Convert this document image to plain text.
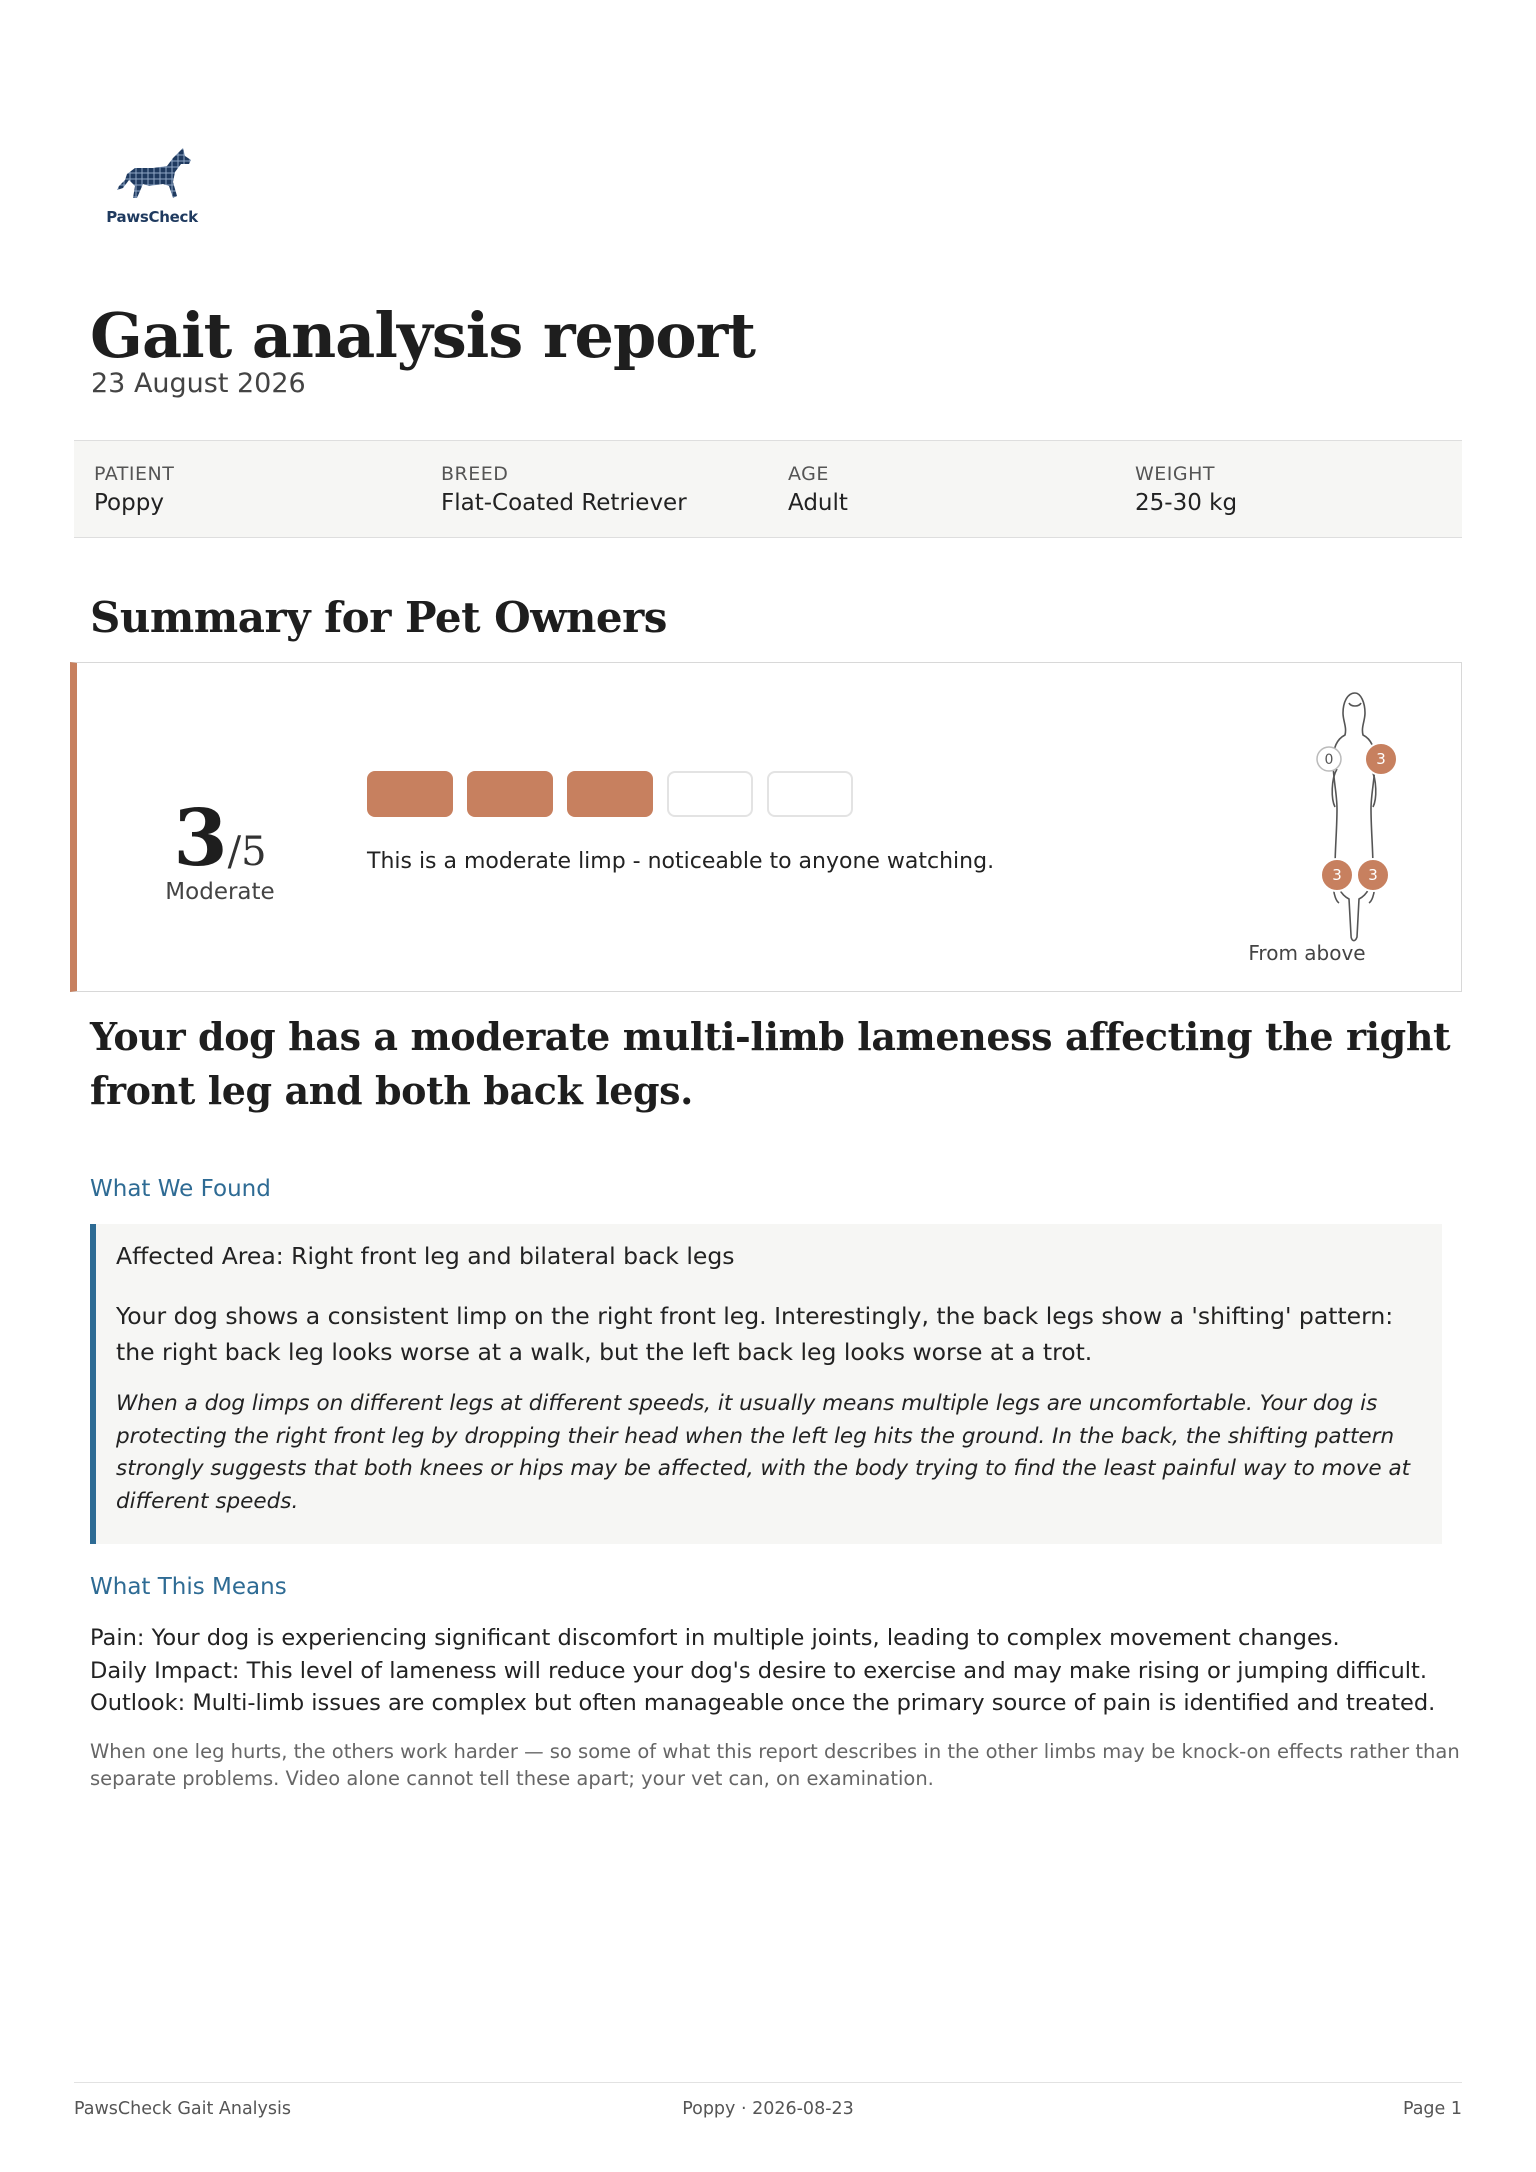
PawsCheck
Gait analysis report

23 August 2026

PATIENT
Poppy
BREED
Flat-Coated Retriever
AGE
Adult
WEIGHT
25-30 kg
Summary for Pet Owners
3/5
Moderate

This is a moderate limp - noticeable to anyone watching.

0	3
3 3
From above
Your dog has a moderate multi-limb lameness affecting the right front leg and both back legs.
What We Found

Affected Area: Right front leg and bilateral back legs

Your dog shows a consistent limp on the right front leg. Interestingly, the back legs show a 'shifting' pattern: the right back leg looks worse at a walk, but the left back leg looks worse at a trot.

When a dog limps on different legs at different speeds, it usually means multiple legs are uncomfortable. Your dog is protecting the right front leg by dropping their head when the left leg hits the ground. In the back, the shifting pattern strongly suggests that both knees or hips may be affected, with the body trying to find the least painful way to move at different speeds.

What This Means
Pain: Your dog is experiencing significant discomfort in multiple joints, leading to complex movement changes.
Daily Impact: This level of lameness will reduce your dog's desire to exercise and may make rising or jumping difficult.
Outlook: Multi-limb issues are complex but often manageable once the primary source of pain is identified and treated.

When one leg hurts, the others work harder — so some of what this report describes in the other limbs may be knock-on effects rather than separate problems. Video alone cannot tell these apart; your vet can, on examination.

PawsCheck Gait Analysis	Poppy · 2026-08-23	Page 1
